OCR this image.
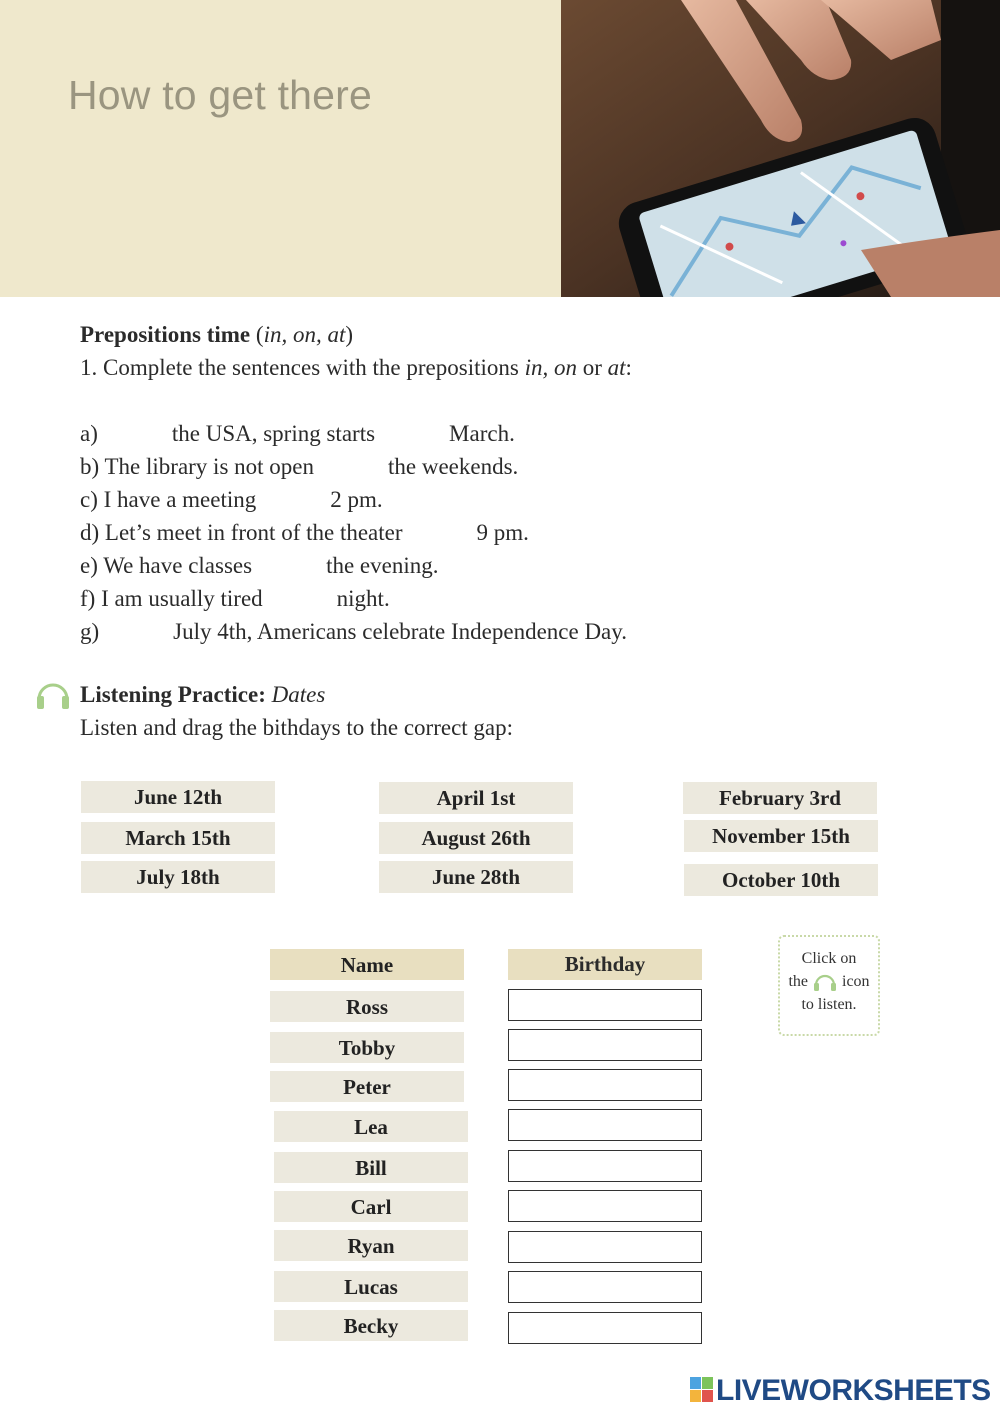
How to get there

Prepositions time (in, on, at)

1. Complete the sentences with the prepositions in, on or at:

a)	the USA, spring starts	March.

b) The library is not open	the weekends.

c) I have a meeting	2 pm.

d) Let’s meet in front of the theater	9 pm.

e) We have classes	the evening.

f) I am usually tired	night.

g)	July 4th, Americans celebrate Independence Day.

Listening Practice: Dates
Listen and drag the bithdays to the correct gap:
June 12th
March 15th
July 18th
April 1st
August 26th
June 28th
February 3rd
November 15th
October 10th
Name	Birthday
Ross
Tobby
Peter
Lea
Bill
Carl
Ryan
Lucas
Becky
Click on
the icon
to listen.
LIVEWORKSHEETS
